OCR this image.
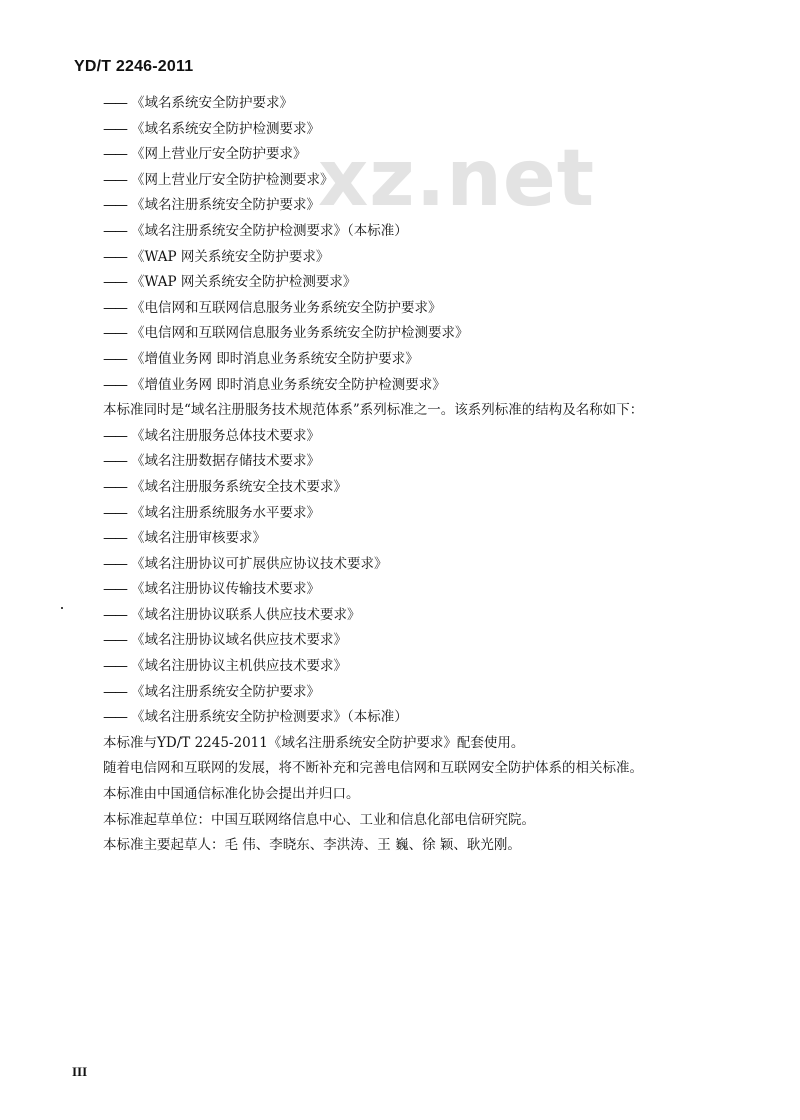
YD/T 2246-2011
xz.net
—— 《域名系统安全防护要求》
—— 《域名系统安全防护检测要求》
—— 《网上营业厅安全防护要求》
—— 《网上营业厅安全防护检测要求》
—— 《域名注册系统安全防护要求》
—— 《域名注册系统安全防护检测要求》（本标准）
—— 《WAP 网关系统安全防护要求》
—— 《WAP 网关系统安全防护检测要求》
—— 《电信网和互联网信息服务业务系统安全防护要求》
—— 《电信网和互联网信息服务业务系统安全防护检测要求》
—— 《增值业务网 即时消息业务系统安全防护要求》
—— 《增值业务网 即时消息业务系统安全防护检测要求》
本标准同时是“域名注册服务技术规范体系”系列标准之一。该系列标准的结构及名称如下：
—— 《域名注册服务总体技术要求》
—— 《域名注册数据存储技术要求》
—— 《域名注册服务系统安全技术要求》
—— 《域名注册系统服务水平要求》
—— 《域名注册审核要求》
—— 《域名注册协议可扩展供应协议技术要求》
—— 《域名注册协议传输技术要求》
—— 《域名注册协议联系人供应技术要求》
—— 《域名注册协议域名供应技术要求》
—— 《域名注册协议主机供应技术要求》
—— 《域名注册系统安全防护要求》
—— 《域名注册系统安全防护检测要求》（本标准）
本标准与YD/T 2245-2011《域名注册系统安全防护要求》配套使用。
随着电信网和互联网的发展，将不断补充和完善电信网和互联网安全防护体系的相关标准。
本标准由中国通信标准化协会提出并归口。
本标准起草单位：中国互联网络信息中心、工业和信息化部电信研究院。
本标准主要起草人：毛 伟、李晓东、李洪涛、王 巍、徐 颖、耿光刚。
III
